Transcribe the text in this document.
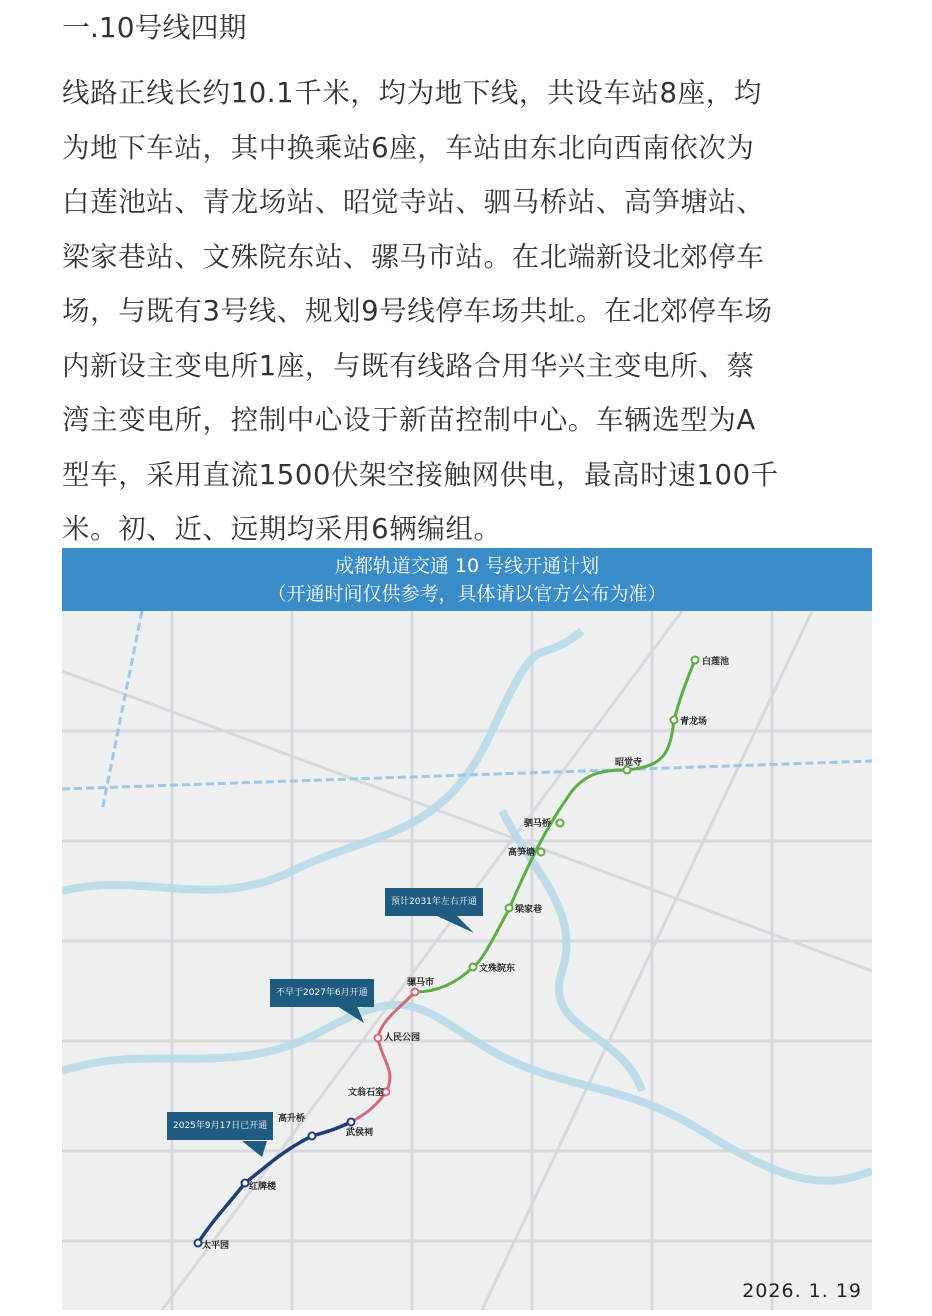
一.10号线四期
线路正线长约10.1千米，均为地下线，共设车站8座，均
为地下车站，其中换乘站6座，车站由东北向西南依次为
白莲池站、青龙场站、昭觉寺站、驷马桥站、高笋塘站、
梁家巷站、文殊院东站、骡马市站。在北端新设北郊停车
场，与既有3号线、规划9号线停车场共址。在北郊停车场
内新设主变电所1座，与既有线路合用华兴主变电所、蔡
湾主变电所，控制中心设于新苗控制中心。车辆选型为A
型车，采用直流1500伏架空接触网供电，最高时速100千
米。初、近、远期均采用6辆编组。
成都轨道交通 10 号线开通计划
（开通时间仅供参考，具体请以官方公布为准）
白莲池
青龙场
昭觉寺
驷马桥
高笋塘
梁家巷
文殊院东
骡马市
人民公园
文翁石室
武侯祠
高升桥
红牌楼
太平园
预计2031年左右开通
不早于2027年6月开通
2025年9月17日已开通
2026. 1. 19
